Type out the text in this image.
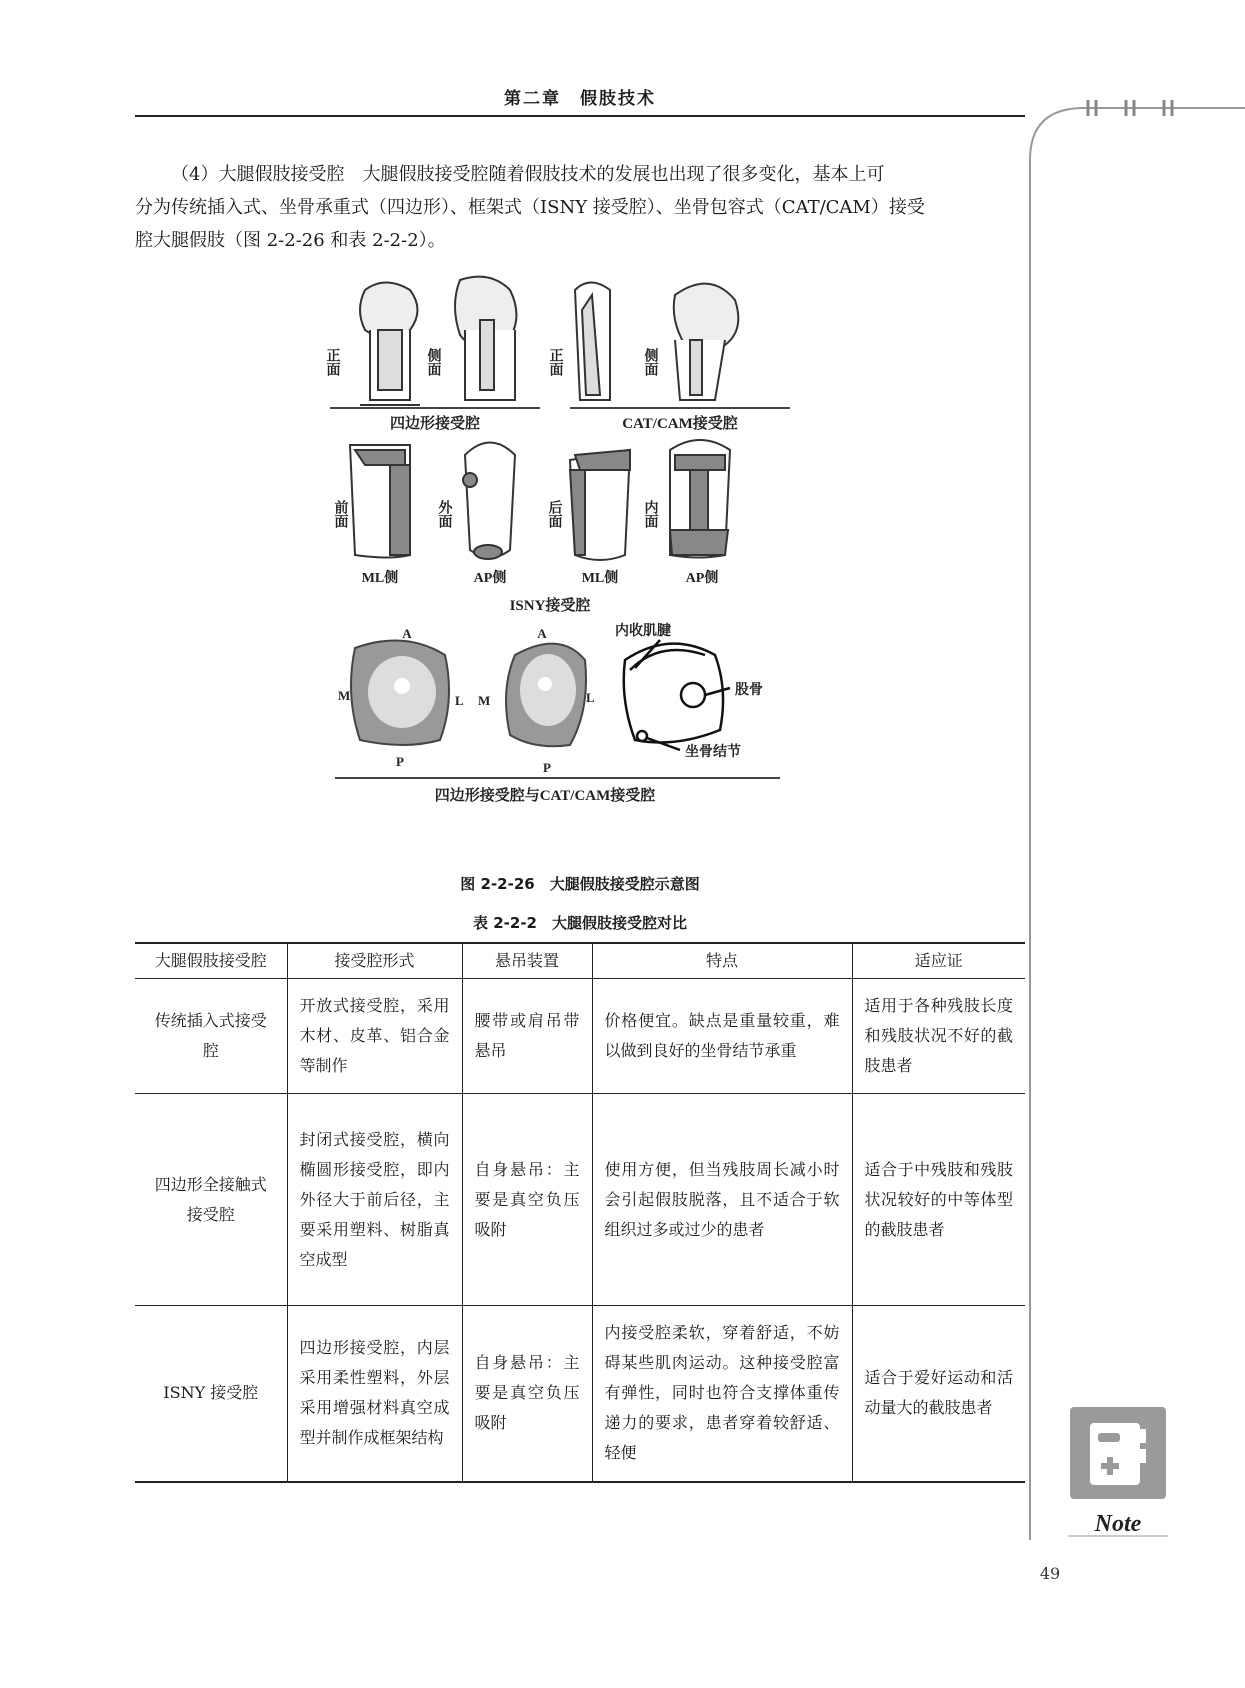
第二章　假肢技术

（4）大腿假肢接受腔　大腿假肢接受腔随着假肢技术的发展也出现了很多变化，基本上可

分为传统插入式、坐骨承重式（四边形）、框架式（ISNY 接受腔）、坐骨包容式（CAT/CAM）接受

腔大腿假肢（图 2-2-26 和表 2-2-2）。

正面	侧面	正面	侧面
四边形接受腔	CAT/CAM接受腔
前面	外面	后面	内面
ML侧	AP侧	ML侧	AP侧
ISNY接受腔
A	A
M	L M	L
P	P
内收肌腱
股骨
坐骨结节
四边形接受腔与CAT/CAM接受腔
图 2-2-26　大腿假肢接受腔示意图
表 2-2-2　大腿假肢接受腔对比
大腿假肢接受腔	接受腔形式	悬吊装置	特点	适应证
传统插入式接受腔	开放式接受腔，采用木材、皮革、铝合金等制作	腰带或肩吊带悬吊	价格便宜。缺点是重量较重，难以做到良好的坐骨结节承重	适用于各种残肢长度和残肢状况不好的截肢患者
四边形全接触式接受腔	封闭式接受腔，横向椭圆形接受腔，即内外径大于前后径，主要采用塑料、树脂真空成型	自身悬吊：主要是真空负压吸附	使用方便，但当残肢周长减小时会引起假肢脱落，且不适合于软组织过多或过少的患者	适合于中残肢和残肢状况较好的中等体型的截肢患者
ISNY 接受腔	四边形接受腔，内层采用柔性塑料，外层采用增强材料真空成型并制作成框架结构	自身悬吊：主要是真空负压吸附	内接受腔柔软，穿着舒适，不妨碍某些肌肉运动。这种接受腔富有弹性，同时也符合支撑体重传递力的要求，患者穿着较舒适、轻便	适合于爱好运动和活动量大的截肢患者
Note
49
